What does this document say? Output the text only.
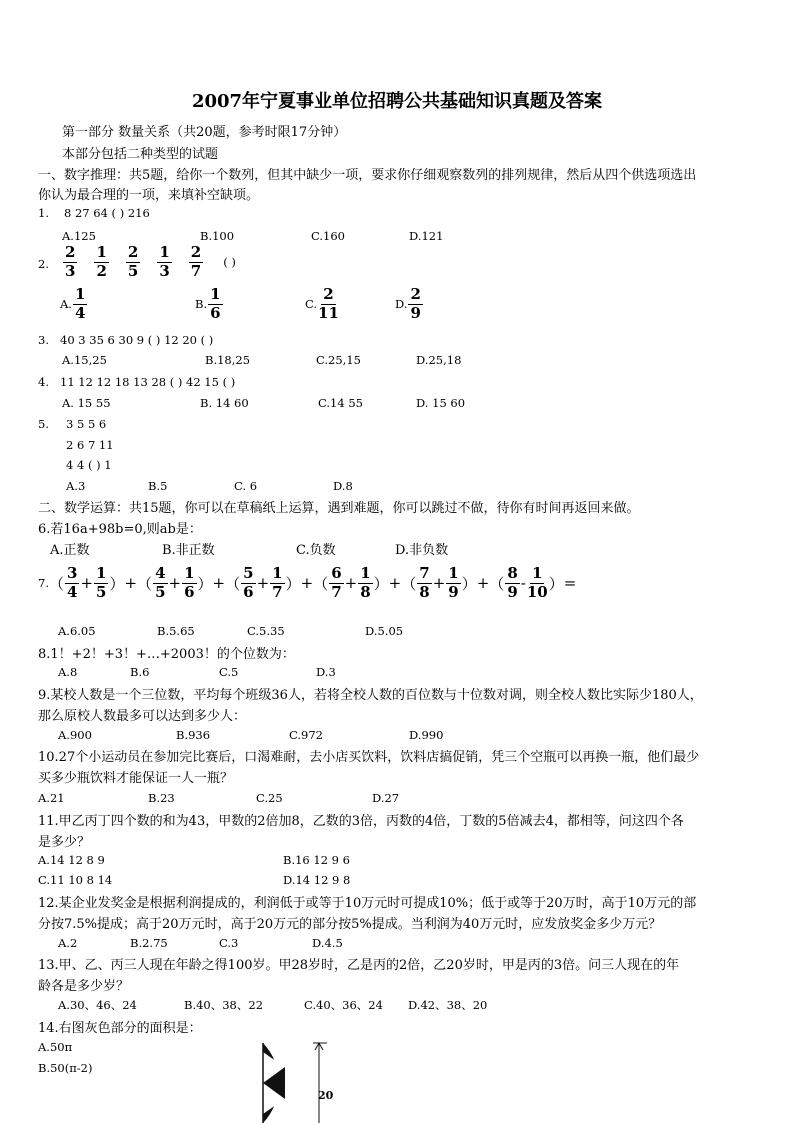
2007年宁夏事业单位招聘公共基础知识真题及答案
第一部分 数量关系（共20题，参考时限17分钟）
本部分包括二种类型的试题
一、数字推理：共5题，给你一个数列，但其中缺少一项，要求你仔细观察数列的排列规律，然后从四个供选项选出
你认为最合理的一项，来填补空缺项。
1. 8 27 64 ( ) 216
A.125	B.100	C.160	D.121
2. $\frac{2}{3} \frac{1}{2} \frac{2}{5} \frac{1}{3} \frac{2}{7}$ ( )
A. $\frac{1}{4}$	B. $\frac{1}{6}$	C. $\frac{2}{11}$	D. $\frac{2}{9}$
3. 40 3 35 6 30 9 ( ) 12 20 ( )
A.15,25	B.18,25	C.25,15	D.25,18
4. 11 12 12 18 13 28 ( ) 42 15 ( )
A. 15 55	B. 14 60	C.14 55	D. 15 60
5. 3 5 5 6
2 6 7 11
4 4 ( ) 1
A.3	B.5	C. 6	D.8
二、数学运算：共15题，你可以在草稿纸上运算，遇到难题，你可以跳过不做，待你有时间再返回来做。
6.若16a+98b=0,则ab是：
A.正数	B.非正数	C.负数	D.非负数
7. （ $\frac{3}{4} + \frac{1}{5}$ ） + （ $\frac{4}{5} + \frac{1}{6}$ ） + （ $\frac{5}{6} + \frac{1}{7}$ ） + （ $\frac{6}{7} + \frac{1}{8}$ ） + （ $\frac{7}{8} + \frac{1}{9}$ ） + （ $\frac{8}{9} - \frac{1}{10}$ ） =
A.6.05	B.5.65	C.5.35	D.5.05
8.1！+2！+3！+…+2003！的个位数为：
A.8	B.6	C.5	D.3
9.某校人数是一个三位数，平均每个班级36人，若将全校人数的百位数与十位数对调，则全校人数比实际少180人，
那么原校人数最多可以达到多少人：
A.900	B.936	C.972	D.990
10.27个小运动员在参加完比赛后，口渴难耐，去小店买饮料，饮料店搞促销，凭三个空瓶可以再换一瓶，他们最少
买多少瓶饮料才能保证一人一瓶？
A.21	B.23	C.25	D.27
11.甲乙丙丁四个数的和为43，甲数的2倍加8，乙数的3倍，丙数的4倍，丁数的5倍减去4，都相等，问这四个各
是多少？
A.14 12 8 9	B.16 12 9 6
C.11 10 8 14	D.14 12 9 8
12.某企业发奖金是根据利润提成的，利润低于或等于10万元时可提成10%；低于或等于20万时，高于10万元的部
分按7.5%提成；高于20万元时，高于20万元的部分按5%提成。当利润为40万元时，应发放奖金多少万元？
A.2	B.2.75	C.3	D.4.5
13.甲、乙、丙三人现在年龄之得100岁。甲28岁时，乙是丙的2倍，乙20岁时，甲是丙的3倍。问三人现在的年
龄各是多少岁？
A.30、46、24	B.40、38、22	C.40、36、24 D.42、38、20
14.右图灰色部分的面积是：
A.50π
B.50(π-2)
20
